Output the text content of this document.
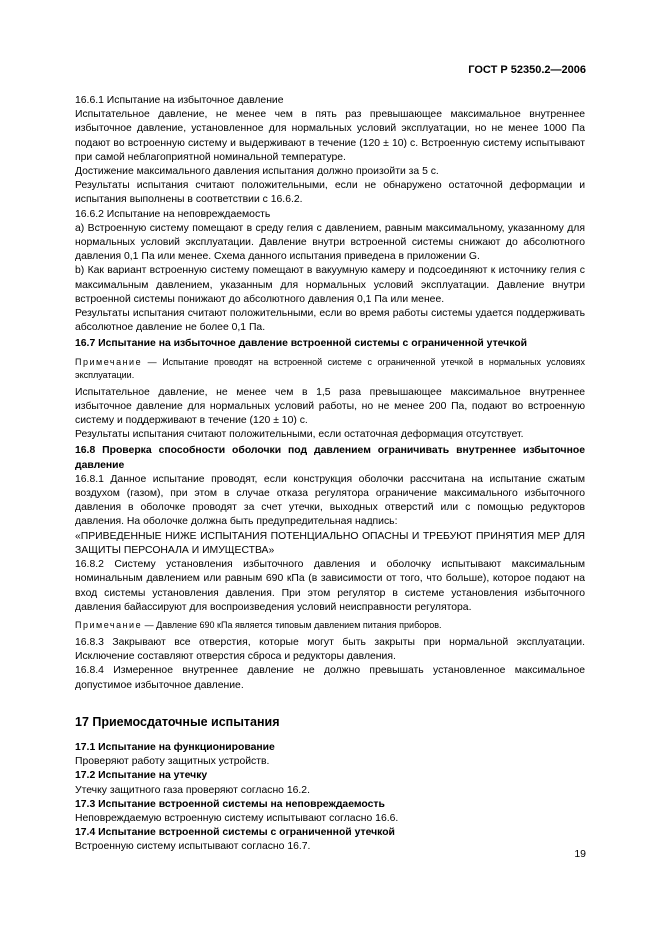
ГОСТ Р 52350.2—2006

16.6.1 Испытание на избыточное давление

Испытательное давление, не менее чем в пять раз превышающее максимальное внутреннее избыточное давление, установленное для нормальных условий эксплуатации, но не менее 1000 Па подают во встроенную систему и выдерживают в течение (120 ± 10) с. Встроенную систему испытывают при самой неблагоприятной номинальной температуре.

Достижение максимального давления испытания должно произойти за 5 с.

Результаты испытания считают положительными, если не обнаружено остаточной деформации и испытания выполнены в соответствии с 16.6.2.

16.6.2 Испытание на неповреждаемость

а) Встроенную систему помещают в среду гелия с давлением, равным максимальному, указанному для нормальных условий эксплуатации. Давление внутри встроенной системы снижают до абсолютного давления 0,1 Па или менее. Схема данного испытания приведена в приложении G.

b) Как вариант встроенную систему помещают в вакуумную камеру и подсоединяют к источнику гелия с максимальным давлением, указанным для нормальных условий эксплуатации. Давление внутри встроенной системы понижают до абсолютного давления 0,1 Па или менее.

Результаты испытания считают положительными, если во время работы системы удается поддерживать абсолютное давление не более 0,1 Па.

16.7 Испытание на избыточное давление встроенной системы с ограниченной утечкой

Примечание — Испытание проводят на встроенной системе с ограниченной утечкой в нормальных условиях эксплуатации.

Испытательное давление, не менее чем в 1,5 раза превышающее максимальное внутреннее избыточное давление для нормальных условий работы, но не менее 200 Па, подают во встроенную систему и поддерживают в течение (120 ± 10) с.

Результаты испытания считают положительными, если остаточная деформация отсутствует.

16.8 Проверка способности оболочки под давлением ограничивать внутреннее избыточное давление

16.8.1 Данное испытание проводят, если конструкция оболочки рассчитана на испытание сжатым воздухом (газом), при этом в случае отказа регулятора ограничение максимального избыточного давления в оболочке проводят за счет утечки, выходных отверстий или с помощью редукторов давления. На оболочке должна быть предупредительная надпись:

«ПРИВЕДЕННЫЕ НИЖЕ ИСПЫТАНИЯ ПОТЕНЦИАЛЬНО ОПАСНЫ И ТРЕБУЮТ ПРИНЯТИЯ МЕР ДЛЯ ЗАЩИТЫ ПЕРСОНАЛА И ИМУЩЕСТВА»

16.8.2 Систему установления избыточного давления и оболочку испытывают максимальным номинальным давлением или равным 690 кПа (в зависимости от того, что больше), которое подают на вход системы установления давления. При этом регулятор в системе установления избыточного давления байассируют для воспроизведения условий неисправности регулятора.

Примечание — Давление 690 кПа является типовым давлением питания приборов.

16.8.3 Закрывают все отверстия, которые могут быть закрыты при нормальной эксплуатации. Исключение составляют отверстия сброса и редукторы давления.

16.8.4 Измеренное внутреннее давление не должно превышать установленное максимальное допустимое избыточное давление.

17 Приемосдаточные испытания

17.1 Испытание на функционирование

Проверяют работу защитных устройств.

17.2 Испытание на утечку

Утечку защитного газа проверяют согласно 16.2.

17.3 Испытание встроенной системы на неповреждаемость

Неповреждаемую встроенную систему испытывают согласно 16.6.

17.4 Испытание встроенной системы с ограниченной утечкой

Встроенную систему испытывают согласно 16.7.

19
